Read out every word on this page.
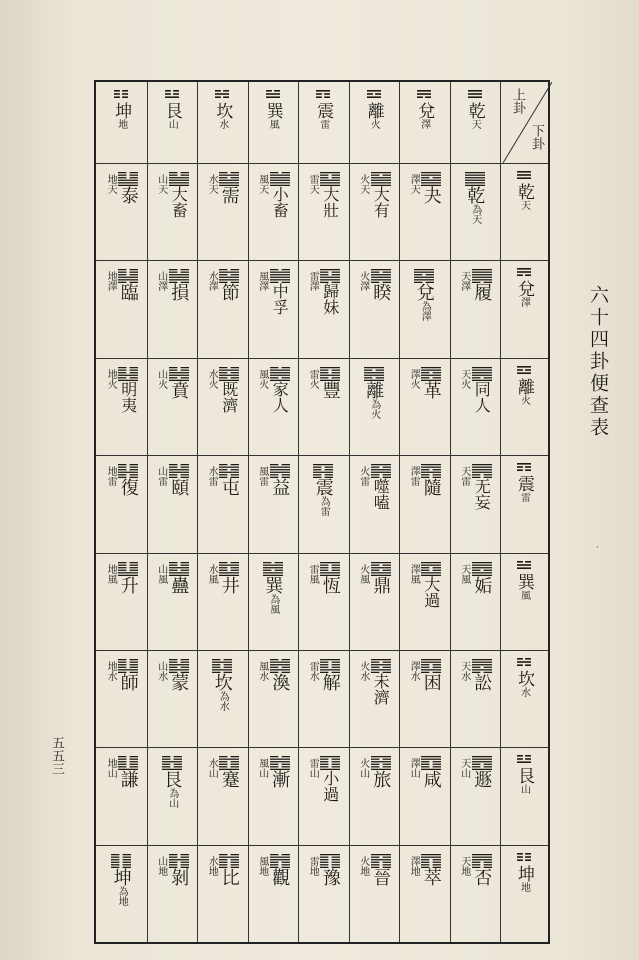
六十四卦便查表
·
五五三
上卦
下卦
乾
天
兌
澤
離
火
震
雷
巽
風
坎
水
艮
山
坤
地
乾
天
兌
澤
離
火
震
雷
巽
風
坎
水
艮
山
坤
地
乾
為天
夬
澤天
大有
火天
大壯
雷天
小畜
風天
需
水天
大畜
山天
泰
地天
履
天澤
兌
為澤
睽
火澤
歸妹
雷澤
中孚
風澤
節
水澤
損
山澤
臨
地澤
同人
天火
革
澤火
離
為火
豐
雷火
家人
風火
既濟
水火
賁
山火
明夷
地火
无妄
天雷
隨
澤雷
噬嗑
火雷
震
為雷
益
風雷
屯
水雷
頤
山雷
復
地雷
姤
天風
大過
澤風
鼎
火風
恆
雷風
巽
為風
井
水風
蠱
山風
升
地風
訟
天水
困
澤水
未濟
火水
解
雷水
渙
風水
坎
為水
蒙
山水
師
地水
遯
天山
咸
澤山
旅
火山
小過
雷山
漸
風山
蹇
水山
艮
為山
謙
地山
否
天地
萃
澤地
晉
火地
豫
雷地
觀
風地
比
水地
剝
山地
坤
為地
